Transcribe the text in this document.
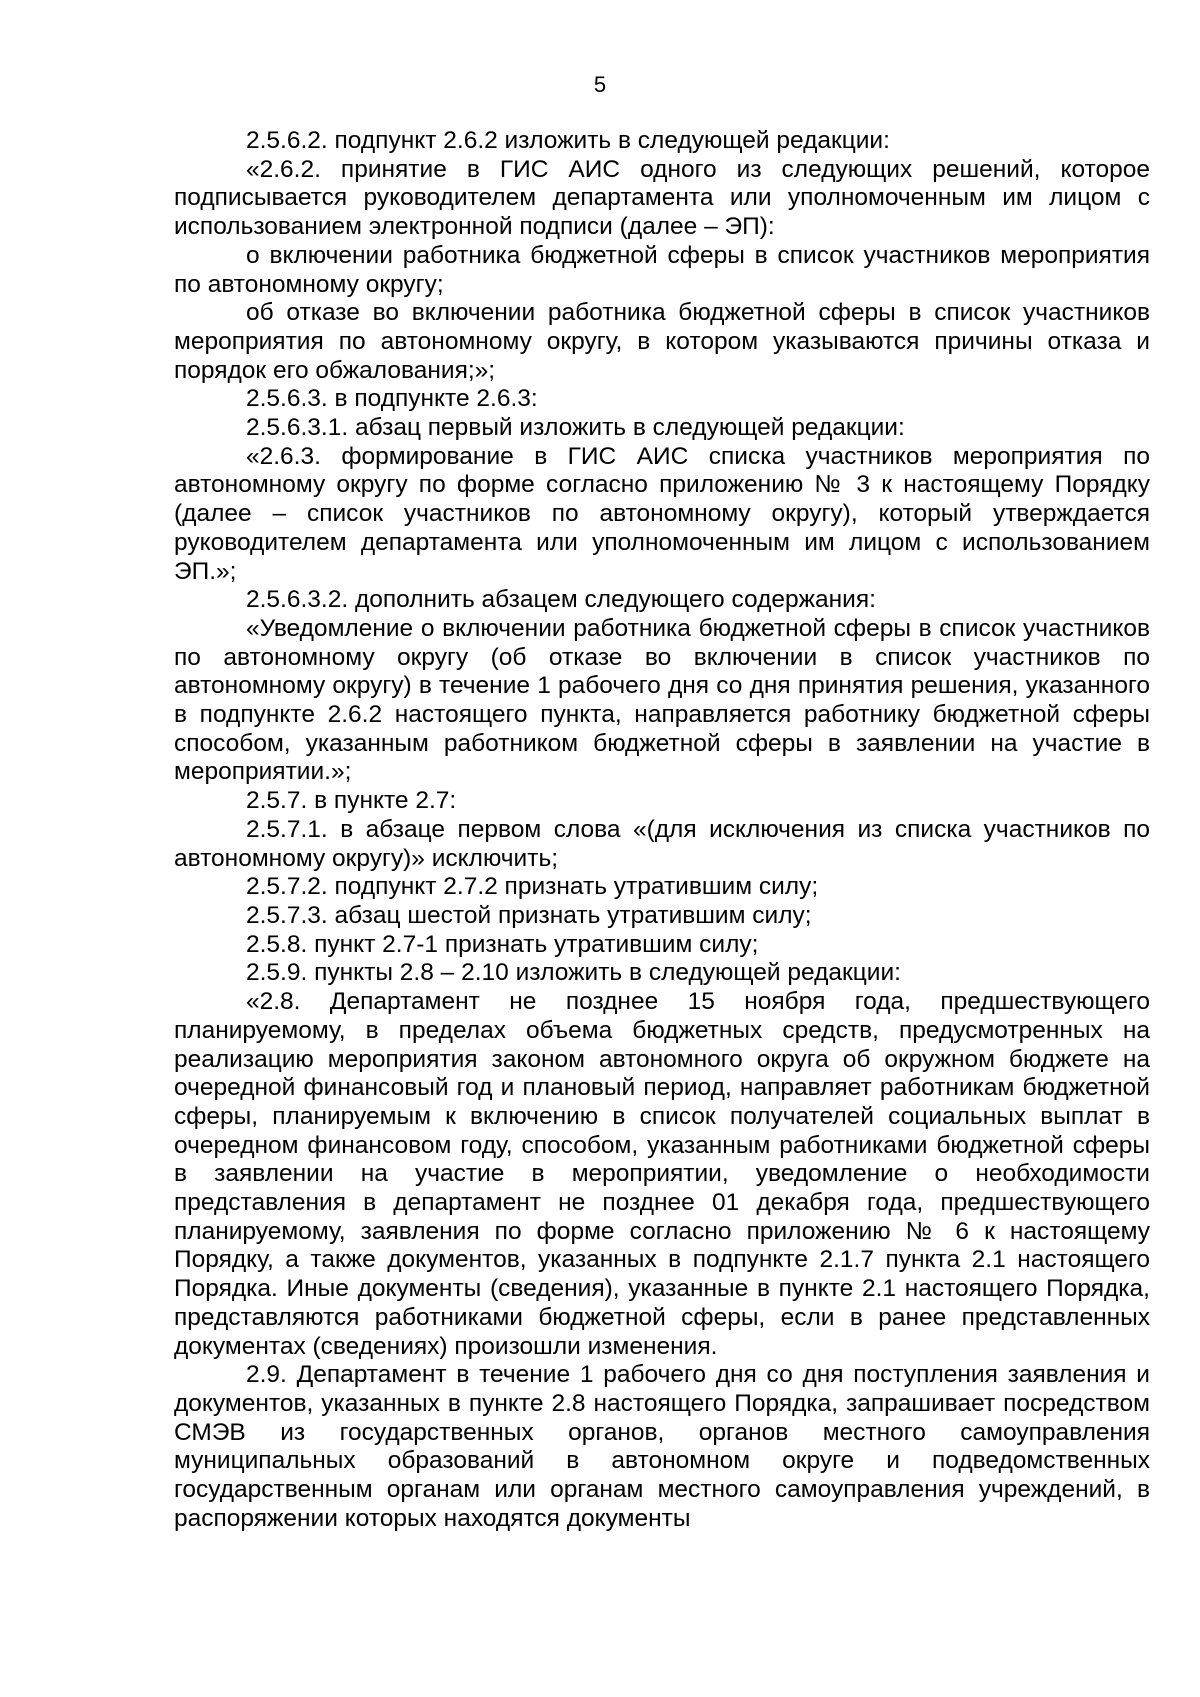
5

2.5.6.2. подпункт 2.6.2 изложить в следующей редакции:

«2.6.2. принятие в ГИС АИС одного из следующих решений, которое подписывается руководителем департамента или уполномоченным им лицом с использованием электронной подписи (далее – ЭП):

о включении работника бюджетной сферы в список участников мероприятия по автономному округу;

об отказе во включении работника бюджетной сферы в список участников мероприятия по автономному округу, в котором указываются причины отказа и порядок его обжалования;»;

2.5.6.3. в подпункте 2.6.3:

2.5.6.3.1. абзац первый изложить в следующей редакции:

«2.6.3. формирование в ГИС АИС списка участников мероприятия по автономному округу по форме согласно приложению № 3 к настоящему Порядку (далее – список участников по автономному округу), который утверждается руководителем департамента или уполномоченным им лицом с использованием ЭП.»;

2.5.6.3.2. дополнить абзацем следующего содержания:

«Уведомление о включении работника бюджетной сферы в список участников по автономному округу (об отказе во включении в список участников по автономному округу) в течение 1 рабочего дня со дня принятия решения, указанного в подпункте 2.6.2 настоящего пункта, направляется работнику бюджетной сферы способом, указанным работником бюджетной сферы в заявлении на участие в мероприятии.»;

2.5.7. в пункте 2.7:

2.5.7.1. в абзаце первом слова «(для исключения из списка участников по автономному округу)» исключить;

2.5.7.2. подпункт 2.7.2 признать утратившим силу;

2.5.7.3. абзац шестой признать утратившим силу;

2.5.8. пункт 2.7-1 признать утратившим силу;

2.5.9. пункты 2.8 – 2.10 изложить в следующей редакции:

«2.8. Департамент не позднее 15 ноября года, предшествующего планируемому, в пределах объема бюджетных средств, предусмотренных на реализацию мероприятия законом автономного округа об окружном бюджете на очередной финансовый год и плановый период, направляет работникам бюджетной сферы, планируемым к включению в список получателей социальных выплат в очередном финансовом году, способом, указанным работниками бюджетной сферы в заявлении на участие в мероприятии, уведомление о необходимости представления в департамент не позднее 01 декабря года, предшествующего планируемому, заявления по форме согласно приложению № 6 к настоящему Порядку, а также документов, указанных в подпункте 2.1.7 пункта 2.1 настоящего Порядка. Иные документы (сведения), указанные в пункте 2.1 настоящего Порядка, представляются работниками бюджетной сферы, если в ранее представленных документах (сведениях) произошли изменения.

2.9. Департамент в течение 1 рабочего дня со дня поступления заявления и документов, указанных в пункте 2.8 настоящего Порядка, запрашивает посредством СМЭВ из государственных органов, органов местного самоуправления муниципальных образований в автономном округе и подведомственных государственным органам или органам местного самоуправления учреждений, в распоряжении которых находятся документы
